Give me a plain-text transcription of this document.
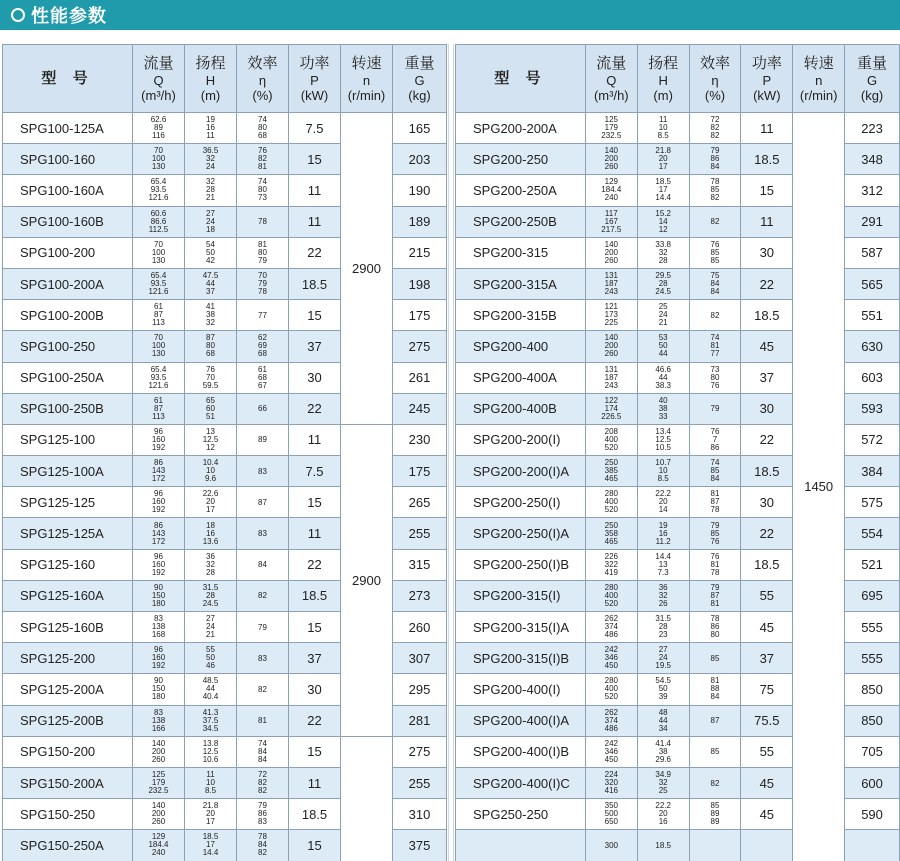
性能参数
型 号	流量
Q
(m³/h)	扬程
H
(m)	效率
η
(%)	功率
P
(kW)	转速
n
(r/min)	重量
G
(kg)

SPG100-125A	62.6
89
116	19
16
11	74
80
68	7.5	2900	165
SPG100-160	70
100
130	36.5
32
24	76
82
81	15		203
SPG100-160A	65.4
93.5
121.6	32
28
21	74
80
73	11		190
SPG100-160B	60.6
86.6
112.5	27
24
18	78	11		189
SPG100-200	70
100
130	54
50
42	81
80
79	22		215
SPG100-200A	65.4
93.5
121.6	47.5
44
37	70
79
78	18.5		198
SPG100-200B	61
87
113	41
38
32	77	15		175
SPG100-250	70
100
130	87
80
68	62
69
68	37		275
SPG100-250A	65.4
93.5
121.6	76
70
59.5	61
68
67	30		261
SPG100-250B	61
87
113	65
60
51	66	22		245
SPG125-100	96
160
192	13
12.5
12	89	11	2900	230
SPG125-100A	86
143
172	10.4
10
9.6	83	7.5		175
SPG125-125	96
160
192	22.6
20
17	87	15		265
SPG125-125A	86
143
172	18
16
13.6	83	11		255
SPG125-160	96
160
192	36
32
28	84	22		315
SPG125-160A	90
150
180	31.5
28
24.5	82	18.5		273
SPG125-160B	83
138
168	27
24
21	79	15		260
SPG125-200	96
160
192	55
50
46	83	37		307
SPG125-200A	90
150
180	48.5
44
40.4	82	30		295
SPG125-200B	83
138
166	41.3
37.5
34.5	81	22		281
SPG150-200	140
200
260	13.8
12.5
10.6	74
84
84	15		275
SPG150-200A	125
179
232.5	11
10
8.5	72
82
82	11		255
SPG150-250	140
200
260	21.8
20
17	79
86
83	18.5		310
SPG150-250A	129
184.4
240	18.5
17
14.4	78
84
82	15		375
型 号	流量
Q
(m³/h)	扬程
H
(m)	效率
η
(%)	功率
P
(kW)	转速
n
(r/min)	重量
G
(kg)

SPG200-200A	125
179
232.5	11
10
8.5	72
82
82	11	1450	223
SPG200-250	140
200
260	21.8
20
17	79
86
84	18.5		348
SPG200-250A	129
184.4
240	18.5
17
14.4	78
85
82	15		312
SPG200-250B	117
167
217.5	15.2
14
12	82	11		291
SPG200-315	140
200
260	33.8
32
28	76
85
85	30		587
SPG200-315A	131
187
243	29.5
28
24.5	75
84
84	22		565
SPG200-315B	121
173
225	25
24
21	82	18.5		551
SPG200-400	140
200
260	53
50
44	74
81
77	45		630
SPG200-400A	131
187
243	46.6
44
38.3	73
80
76	37		603
SPG200-400B	122
174
226.5	40
38
33	79	30		593
SPG200-200(I)	208
400
520	13.4
12.5
10.5	76
7
86	22		572
SPG200-200(I)A	250
385
465	10.7
10
8.5	74
85
84	18.5		384
SPG200-250(I)	280
400
520	22.2
20
14	81
87
78	30		575
SPG200-250(I)A	250
358
465	19
16
11.2	79
85
76	22		554
SPG200-250(I)B	226
322
419	14.4
13
7.3	76
81
78	18.5		521
SPG200-315(I)	280
400
520	36
32
26	79
87
81	55		695
SPG200-315(I)A	262
374
486	31.5
28
23	78
86
80	45		555
SPG200-315(I)B	242
346
450	27
24
19.5	85	37		555
SPG200-400(I)	280
400
520	54.5
50
39	81
88
84	75		850
SPG200-400(I)A	262
374
486	48
44
34	87	75.5		850
SPG200-400(I)B	242
346
450	41.4
38
29.6	85	55		705
SPG200-400(I)C	224
320
416	34.9
32
25	82	45		600
SPG250-250	350
500
650	22.2
20
16	85
89
89	45		590
	300	18.5				
